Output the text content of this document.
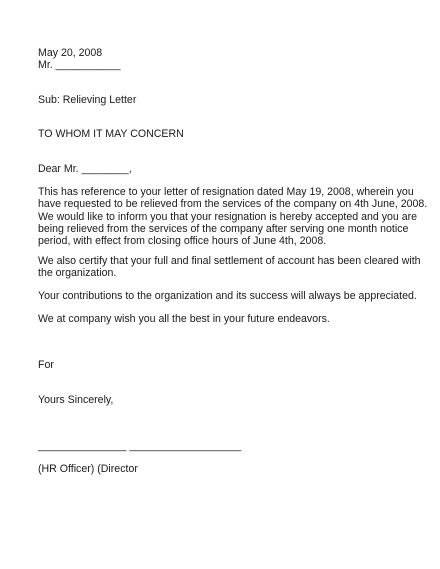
May 20, 2008
Mr. ___________
Sub: Relieving Letter
TO WHOM IT MAY CONCERN
Dear Mr. ________,
This has reference to your letter of resignation dated May 19, 2008, wherein you
have requested to be relieved from the services of the company on 4th June, 2008.
We would like to inform you that your resignation is hereby accepted and you are
being relieved from the services of the company after serving one month notice
period, with effect from closing office hours of June 4th, 2008.
We also certify that your full and final settlement of account has been cleared with
the organization.
Your contributions to the organization and its success will always be appreciated.
We at company wish you all the best in your future endeavors.
For
Yours Sincerely,
_______________ ___________________
(HR Officer) (Director
